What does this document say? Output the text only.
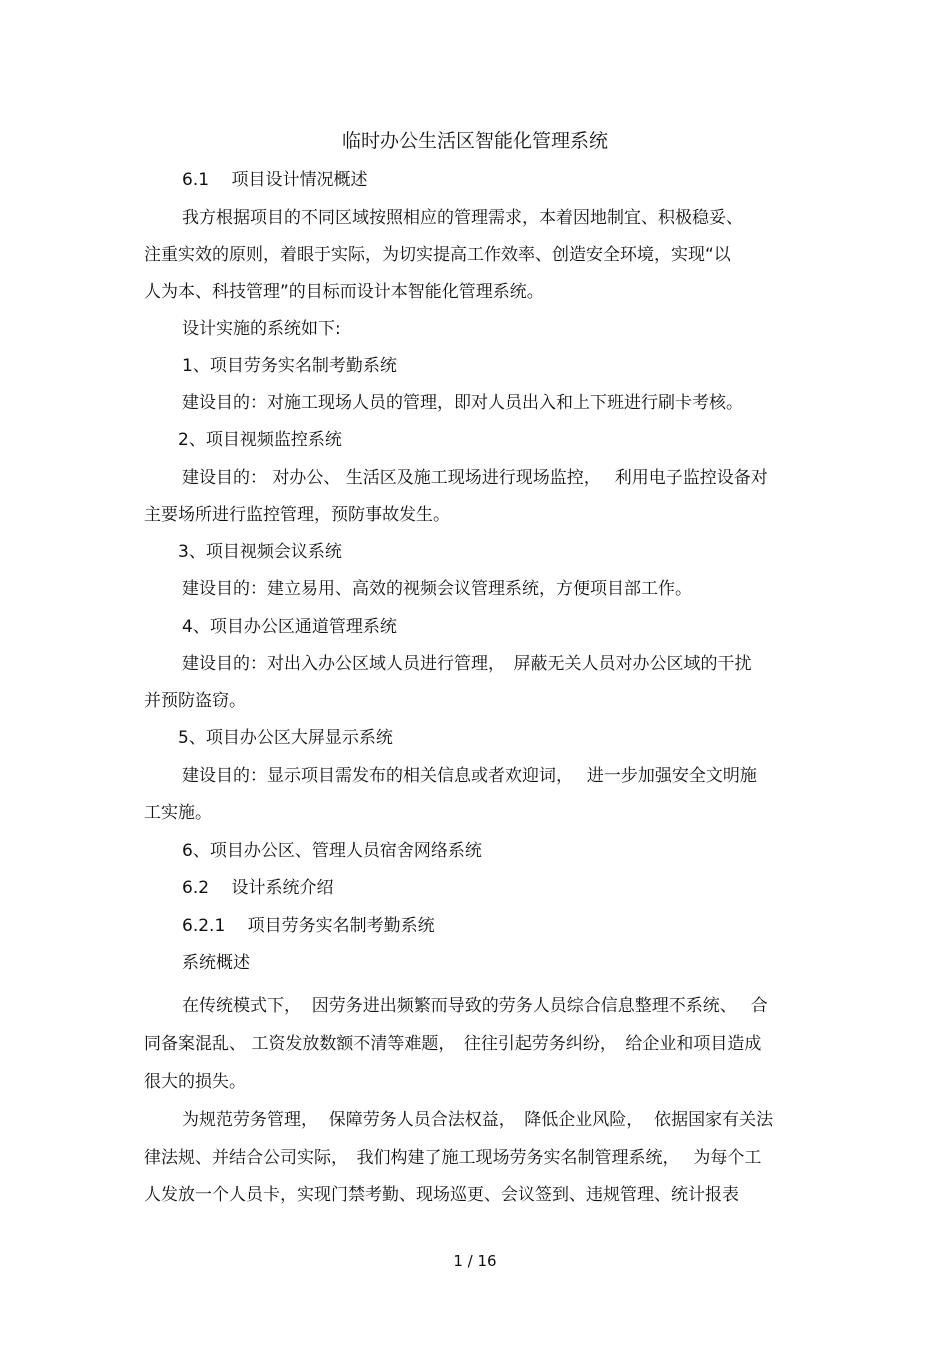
临时办公生活区智能化管理系统
6.1　 项目设计情况概述
我方根据项目的不同区域按照相应的管理需求，本着因地制宜、积极稳妥、
注重实效的原则，着眼于实际，为切实提高工作效率、创造安全环境，实现“以
人为本、科技管理”的目标而设计本智能化管理系统。
设计实施的系统如下:
1、项目劳务实名制考勤系统
建设目的：对施工现场人员的管理，即对人员出入和上下班进行刷卡考核。
2、项目视频监控系统
建设目的： 对办公、 生活区及施工现场进行现场监控，　 利用电子监控设备对
主要场所进行监控管理，预防事故发生。
3、项目视频会议系统
建设目的：建立易用、高效的视频会议管理系统，方便项目部工作。
4、项目办公区通道管理系统
建设目的：对出入办公区域人员进行管理，　屏蔽无关人员对办公区域的干扰
并预防盗窃。
5、项目办公区大屏显示系统
建设目的：显示项目需发布的相关信息或者欢迎词，　 进一步加强安全文明施
工实施。
6、项目办公区、管理人员宿舍网络系统
6.2　 设计系统介绍
6.2.1　 项目劳务实名制考勤系统
系统概述
在传统模式下，  因劳务进出频繁而导致的劳务人员综合信息整理不系统、　 合
同备案混乱、 工资发放数额不清等难题，　往往引起劳务纠纷，　给企业和项目造成
很大的损失。
为规范劳务管理，  保障劳务人员合法权益，　降低企业风险，  依据国家有关法
律法规、并结合公司实际，　我们构建了施工现场劳务实名制管理系统，　 为每个工
人发放一个人员卡，实现门禁考勤、现场巡更、会议签到、违规管理、统计报表
1 / 16
